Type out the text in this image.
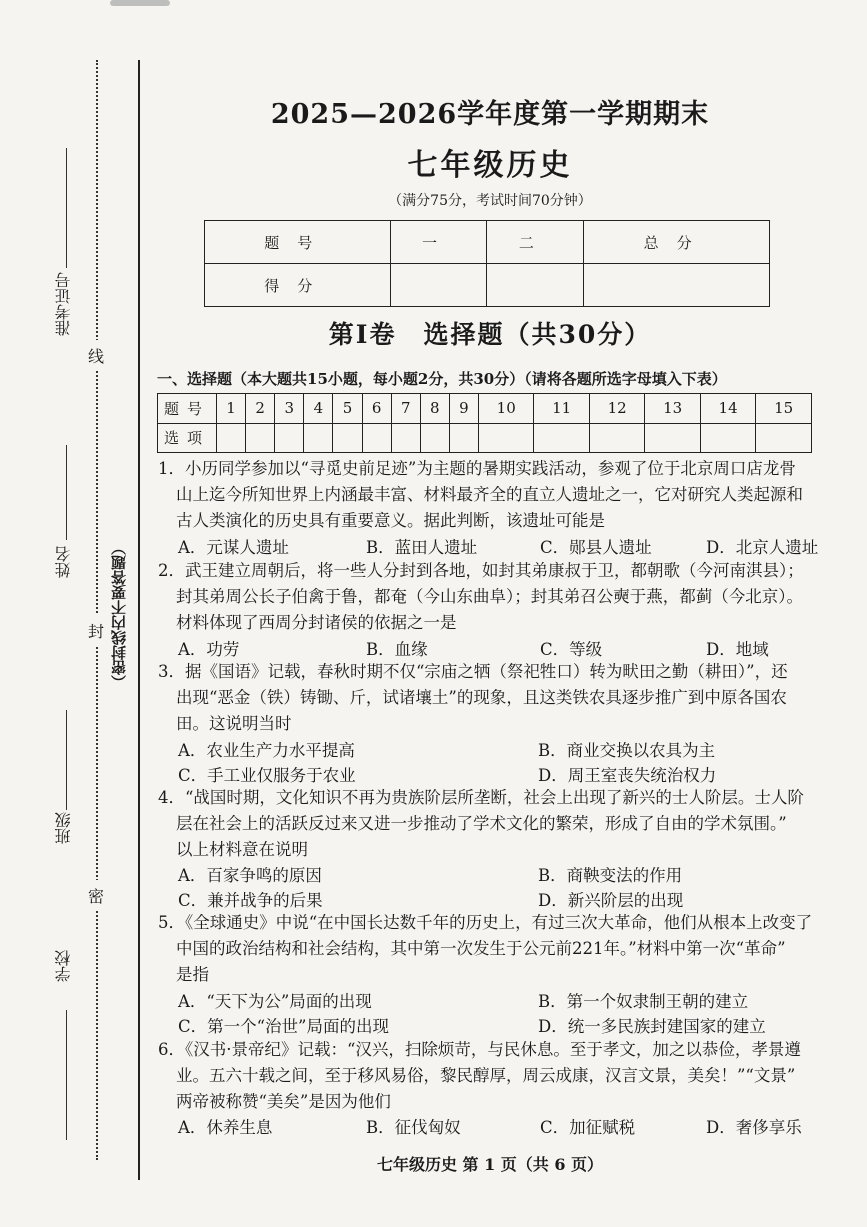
准考证号
姓名
班级
学校
线
封
密
（密封线内不要答题）
2025—2026学年度第一学期期末
七年级历史
（满分75分，考试时间70分钟）
题号	一	二	总分
得分			
第Ⅰ卷　选择题（共30分）
一、选择题（本大题共15小题，每小题2分，共30分）（请将各题所选字母填入下表）
题号	1	2	3	4	5	6	7	8	9	10	11	12	13	14	15
选项															
1．小历同学参加以“寻觅史前足迹”为主题的暑期实践活动，参观了位于北京周口店龙骨
山上迄今所知世界上内涵最丰富、材料最齐全的直立人遗址之一，它对研究人类起源和
古人类演化的历史具有重要意义。据此判断，该遗址可能是
A．元谋人遗址	B．蓝田人遗址	C．郧县人遗址	D．北京人遗址
2．武王建立周朝后，将一些人分封到各地，如封其弟康叔于卫，都朝歌（今河南淇县）；
封其弟周公长子伯禽于鲁，都奄（今山东曲阜）；封其弟召公奭于燕，都蓟（今北京）。
材料体现了西周分封诸侯的依据之一是
A．功劳	B．血缘	C．等级	D．地域
3．据《国语》记载，春秋时期不仅“宗庙之牺（祭祀牲口）转为畎田之勤（耕田）”，还
出现“恶金（铁）铸锄、斤，试诸壤土”的现象，且这类铁农具逐步推广到中原各国农
田。这说明当时
A．农业生产力水平提高	B．商业交换以农具为主
C．手工业仅服务于农业	D．周王室丧失统治权力
4．“战国时期，文化知识不再为贵族阶层所垄断，社会上出现了新兴的士人阶层。士人阶
层在社会上的活跃反过来又进一步推动了学术文化的繁荣，形成了自由的学术氛围。”
以上材料意在说明
A．百家争鸣的原因	B．商鞅变法的作用
C．兼并战争的后果	D．新兴阶层的出现
5．《全球通史》中说“在中国长达数千年的历史上，有过三次大革命，他们从根本上改变了
中国的政治结构和社会结构，其中第一次发生于公元前221年。”材料中第一次“革命”
是指
A．“天下为公”局面的出现	B．第一个奴隶制王朝的建立
C．第一个“治世”局面的出现	D．统一多民族封建国家的建立
6．《汉书·景帝纪》记载：“汉兴，扫除烦苛，与民休息。至于孝文，加之以恭俭，孝景遵
业。五六十载之间，至于移风易俗，黎民醇厚，周云成康，汉言文景，美矣！”“文景”
两帝被称赞“美矣”是因为他们
A．休养生息	B．征伐匈奴	C．加征赋税	D．奢侈享乐
七年级历史 第 1 页（共 6 页）
